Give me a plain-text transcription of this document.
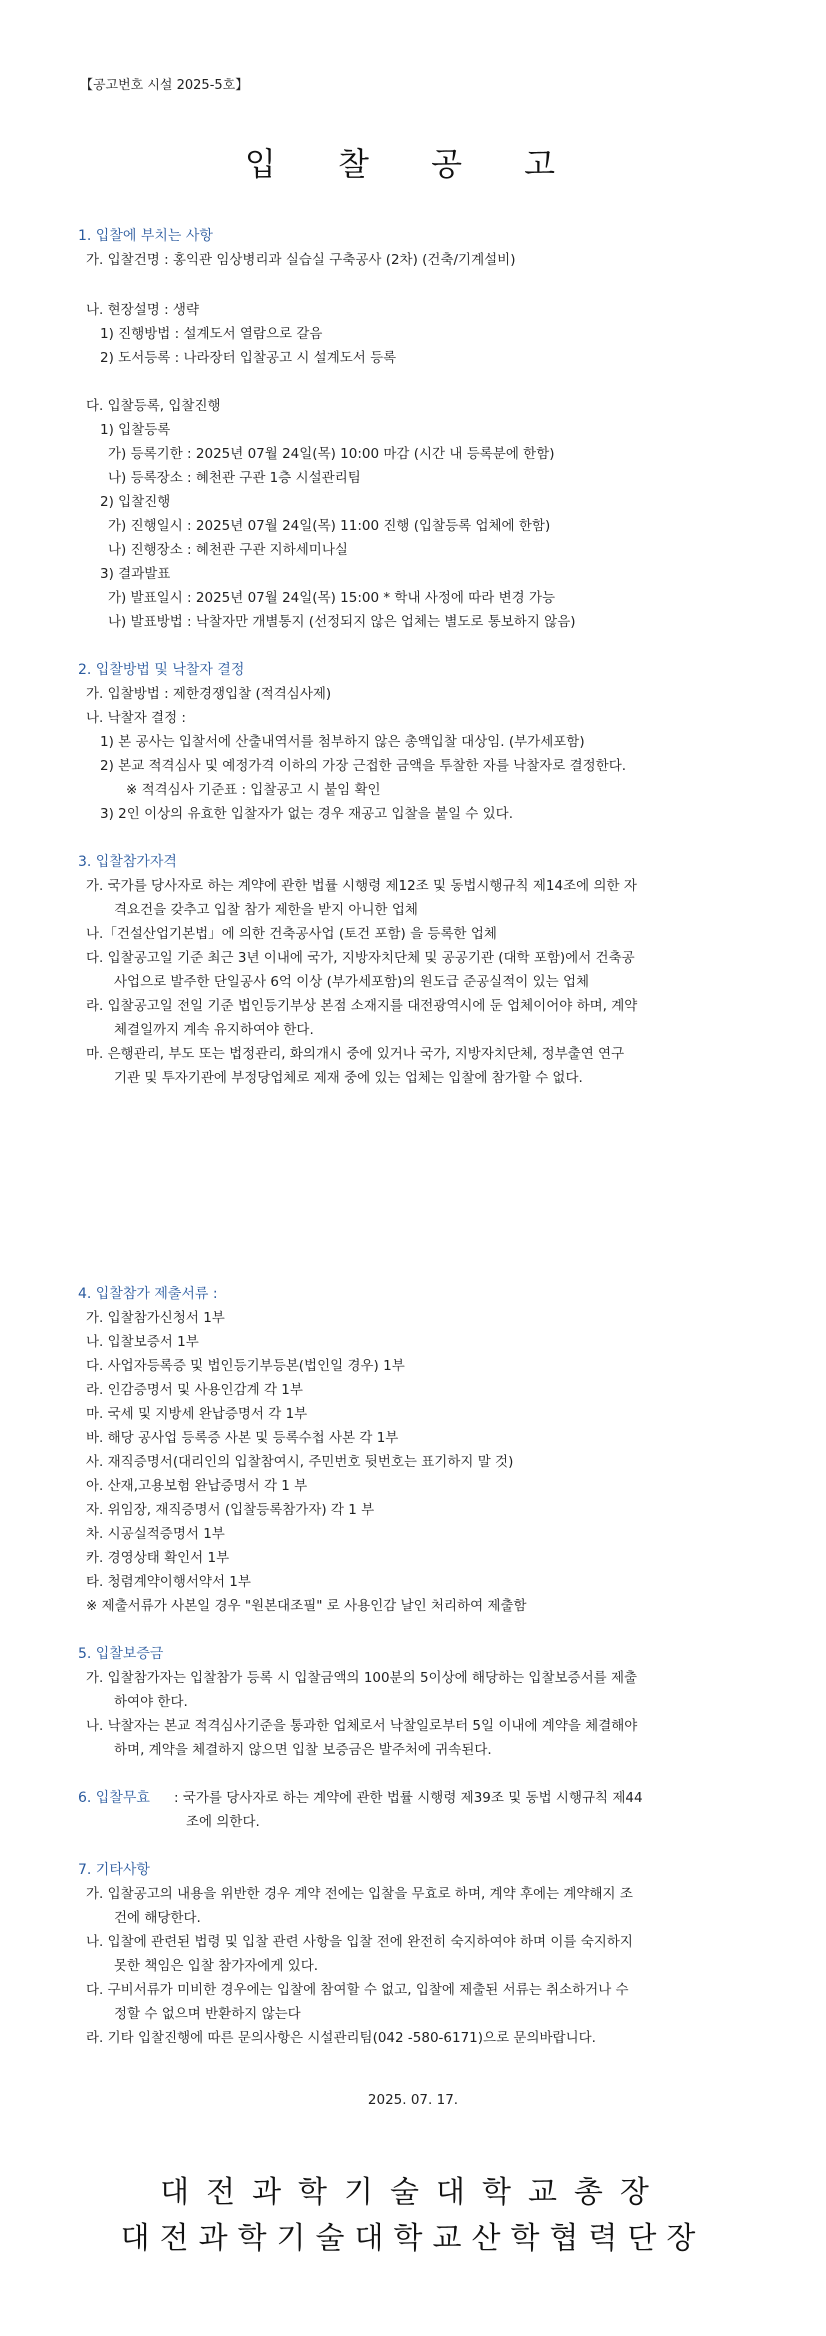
【공고번호 시설 2025-5호】
입 찰 공 고
1. 입찰에 부치는 사항
가. 입찰건명 : 홍익관 임상병리과 실습실 구축공사 (2차) (건축/기계설비)
나. 현장설명 : 생략
1) 진행방법 : 설계도서 열람으로 갈음
2) 도서등록 : 나라장터 입찰공고 시 설계도서 등록
다. 입찰등록, 입찰진행
1) 입찰등록
가) 등록기한 : 2025년 07월 24일(목) 10:00 마감 (시간 내 등록분에 한함)
나) 등록장소 : 혜천관 구관 1층 시설관리팀
2) 입찰진행
가) 진행일시 : 2025년 07월 24일(목) 11:00 진행 (입찰등록 업체에 한함)
나) 진행장소 : 혜천관 구관 지하세미나실
3) 결과발표
가) 발표일시 : 2025년 07월 24일(목) 15:00 * 학내 사정에 따라 변경 가능
나) 발표방법 : 낙찰자만 개별통지 (선정되지 않은 업체는 별도로 통보하지 않음)
2. 입찰방법 및 낙찰자 결정
가. 입찰방법 : 제한경쟁입찰 (적격심사제)
나. 낙찰자 결정 :
1) 본 공사는 입찰서에 산출내역서를 첨부하지 않은 총액입찰 대상임. (부가세포함)
2) 본교 적격심사 및 예정가격 이하의 가장 근접한 금액을 투찰한 자를 낙찰자로 결정한다.
※ 적격심사 기준표 : 입찰공고 시 붙임 확인
3) 2인 이상의 유효한 입찰자가 없는 경우 재공고 입찰을 붙일 수 있다.
3. 입찰참가자격
가. 국가를 당사자로 하는 계약에 관한 법률 시행령 제12조 및 동법시행규칙 제14조에 의한 자
격요건을 갖추고 입찰 참가 제한을 받지 아니한 업체
나.「건설산업기본법」에 의한 건축공사업 (토건 포함) 을 등록한 업체
다. 입찰공고일 기준 최근 3년 이내에 국가, 지방자치단체 및 공공기관 (대학 포함)에서 건축공
사업으로 발주한 단일공사 6억 이상 (부가세포함)의 원도급 준공실적이 있는 업체
라. 입찰공고일 전일 기준 법인등기부상 본점 소재지를 대전광역시에 둔 업체이어야 하며, 계약
체결일까지 계속 유지하여야 한다.
마. 은행관리, 부도 또는 법정관리, 화의개시 중에 있거나 국가, 지방자치단체, 정부출연 연구
기관 및 투자기관에 부정당업체로 제재 중에 있는 업체는 입찰에 참가할 수 없다.
4. 입찰참가 제출서류 :
가. 입찰참가신청서 1부
나. 입찰보증서 1부
다. 사업자등록증 및 법인등기부등본(법인일 경우) 1부
라. 인감증명서 및 사용인감계 각 1부
마. 국세 및 지방세 완납증명서 각 1부
바. 해당 공사업 등록증 사본 및 등록수첩 사본 각 1부
사. 재직증명서(대리인의 입찰참여시, 주민번호 뒷번호는 표기하지 말 것)
아. 산재,고용보험 완납증명서 각 1 부
자. 위임장, 재직증명서 (입찰등록참가자) 각 1 부
차. 시공실적증명서 1부
카. 경영상태 확인서 1부
타. 청렴계약이행서약서 1부
※ 제출서류가 사본일 경우 "원본대조필" 로 사용인감 날인 처리하여 제출함
5. 입찰보증금
가. 입찰참가자는 입찰참가 등록 시 입찰금액의 100분의 5이상에 해당하는 입찰보증서를 제출
하여야 한다.
나. 낙찰자는 본교 적격심사기준을 통과한 업체로서 낙찰일로부터 5일 이내에 계약을 체결해야
하며, 계약을 체결하지 않으면 입찰 보증금은 발주처에 귀속된다.
6. 입찰무효 : 국가를 당사자로 하는 계약에 관한 법률 시행령 제39조 및 동법 시행규칙 제44
조에 의한다.
7. 기타사항
가. 입찰공고의 내용을 위반한 경우 계약 전에는 입찰을 무효로 하며, 계약 후에는 계약해지 조
건에 해당한다.
나. 입찰에 관련된 법령 및 입찰 관련 사항을 입찰 전에 완전히 숙지하여야 하며 이를 숙지하지
못한 책임은 입찰 참가자에게 있다.
다. 구비서류가 미비한 경우에는 입찰에 참여할 수 없고, 입찰에 제출된 서류는 취소하거나 수
정할 수 없으며 반환하지 않는다
라. 기타 입찰진행에 따른 문의사항은 시설관리팀(042 -580-6171)으로 문의바랍니다.
2025. 07. 17.
대전과학기술대학교총장
대전과학기술대학교산학협력단장
